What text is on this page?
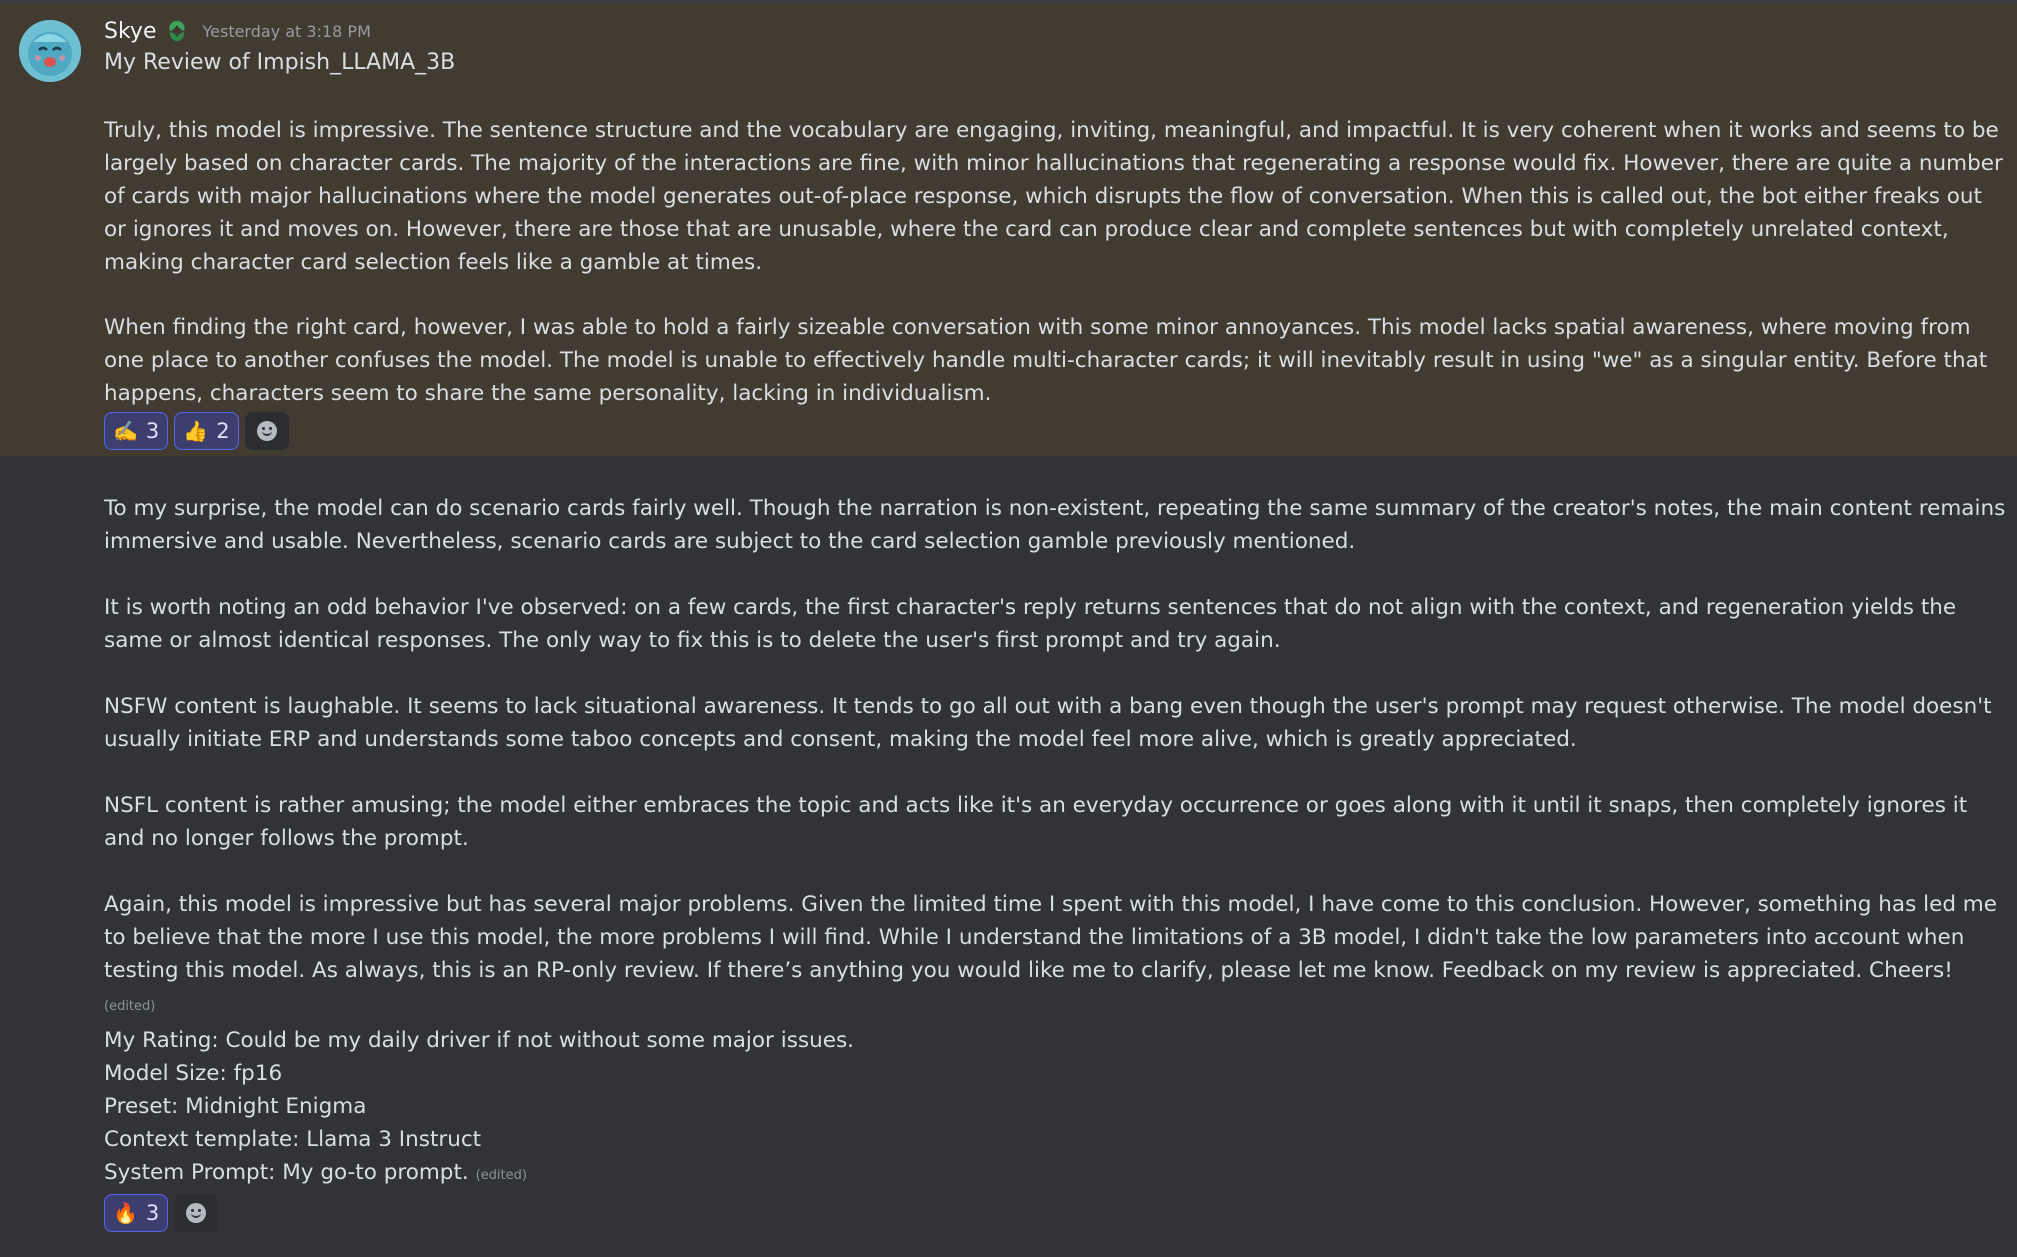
Skye	Yesterday at 3:18 PM
My Review of Impish_LLAMA_3B
Truly, this model is impressive. The sentence structure and the vocabulary are engaging, inviting, meaningful, and impactful. It is very coherent when it works and seems to be largely based on character cards. The majority of the interactions are fine, with minor hallucinations that regenerating a response would fix. However, there are quite a number of cards with major hallucinations where the model generates out-of-place response, which disrupts the flow of conversation. When this is called out, the bot either freaks out or ignores it and moves on. However, there are those that are unusable, where the card can produce clear and complete sentences but with completely unrelated context, making character card selection feels like a gamble at times.
When finding the right card, however, I was able to hold a fairly sizeable conversation with some minor annoyances. This model lacks spatial awareness, where moving from one place to another confuses the model. The model is unable to effectively handle multi-character cards; it will inevitably result in using "we" as a singular entity. Before that happens, characters seem to share the same personality, lacking in individualism.
✍️ 3 👍 2
To my surprise, the model can do scenario cards fairly well. Though the narration is non-existent, repeating the same summary of the creator's notes, the main content remains immersive and usable. Nevertheless, scenario cards are subject to the card selection gamble previously mentioned.
It is worth noting an odd behavior I've observed: on a few cards, the first character's reply returns sentences that do not align with the context, and regeneration yields the same or almost identical responses. The only way to fix this is to delete the user's first prompt and try again.
NSFW content is laughable. It seems to lack situational awareness. It tends to go all out with a bang even though the user's prompt may request otherwise. The model doesn't usually initiate ERP and understands some taboo concepts and consent, making the model feel more alive, which is greatly appreciated.
NSFL content is rather amusing; the model either embraces the topic and acts like it's an everyday occurrence or goes along with it until it snaps, then completely ignores it and no longer follows the prompt.
Again, this model is impressive but has several major problems. Given the limited time I spent with this model, I have come to this conclusion. However, something has led me to believe that the more I use this model, the more problems I will find. While I understand the limitations of a 3B model, I didn't take the low parameters into account when testing this model. As always, this is an RP-only review. If there’s anything you would like me to clarify, please let me know. Feedback on my review is appreciated. Cheers! (edited)
My Rating: Could be my daily driver if not without some major issues.
Model Size: fp16
Preset: Midnight Enigma
Context template: Llama 3 Instruct
System Prompt: My go-to prompt. (edited)
🔥 3
